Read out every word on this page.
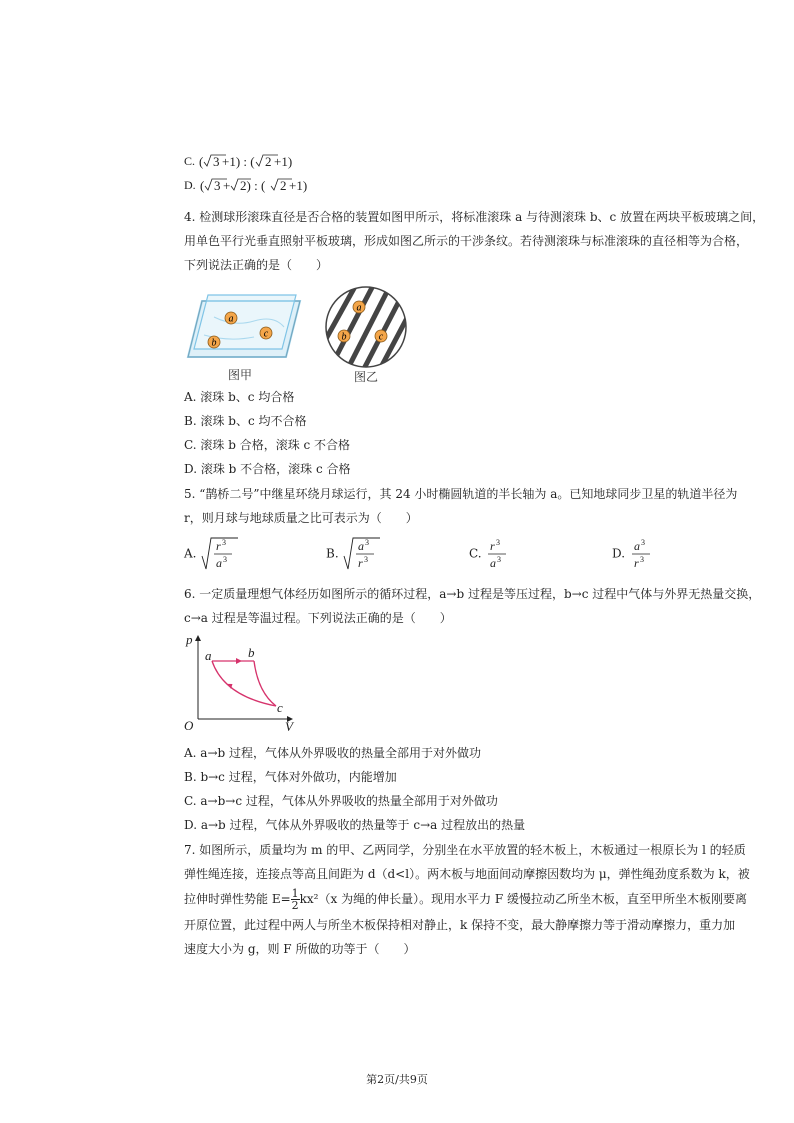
C. ( 3 +1) : ( 2 +1)
D. ( 3 + 2) : ( 2 +1)
4. 检测球形滚珠直径是否合格的装置如图甲所示，将标准滚珠 a 与待测滚珠 b、c 放置在两块平板玻璃之间，
用单色平行光垂直照射平板玻璃，形成如图乙所示的干涉条纹。若待测滚珠与标准滚珠的直径相等为合格，
下列说法正确的是（　　）
a
b
c
图甲
a
b	c
图乙
A. 滚珠 b、c 均合格
B. 滚珠 b、c 均不合格
C. 滚珠 b 合格，滚珠 c 不合格
D. 滚珠 b 不合格，滚珠 c 合格
5. “鹊桥二号”中继星环绕月球运行，其 24 小时椭圆轨道的半长轴为 a。已知地球同步卫星的轨道半径为
r，则月球与地球质量之比可表示为（　　）
A.
r
a
3
3	B.
a
r
3
3	C.
r
a
3
3	D.
a
r
3
3
6. 一定质量理想气体经历如图所示的循环过程，a→b 过程是等压过程，b→c 过程中气体与外界无热量交换，
c→a 过程是等温过程。下列说法正确的是（　　）
p
V
O
a	b
c
A. a→b 过程，气体从外界吸收的热量全部用于对外做功
B. b→c 过程，气体对外做功，内能增加
C. a→b→c 过程，气体从外界吸收的热量全部用于对外做功
D. a→b 过程，气体从外界吸收的热量等于 c→a 过程放出的热量
7. 如图所示，质量均为 m 的甲、乙两同学，分别坐在水平放置的轻木板上，木板通过一根原长为 l 的轻质
弹性绳连接，连接点等高且间距为 d（d<l）。两木板与地面间动摩擦因数均为 μ，弹性绳劲度系数为 k，被
拉伸时弹性势能 $E= \frac{1}{2} kx^2(x$ 为绳的伸长量）。现用水平力 F 缓慢拉动乙所坐木板，直至甲所坐木板刚要离
开原位置，此过程中两人与所坐木板保持相对静止，k 保持不变，最大静摩擦力等于滑动摩擦力，重力加
速度大小为 g，则 F 所做的功等于（　　）
第2页/共9页
